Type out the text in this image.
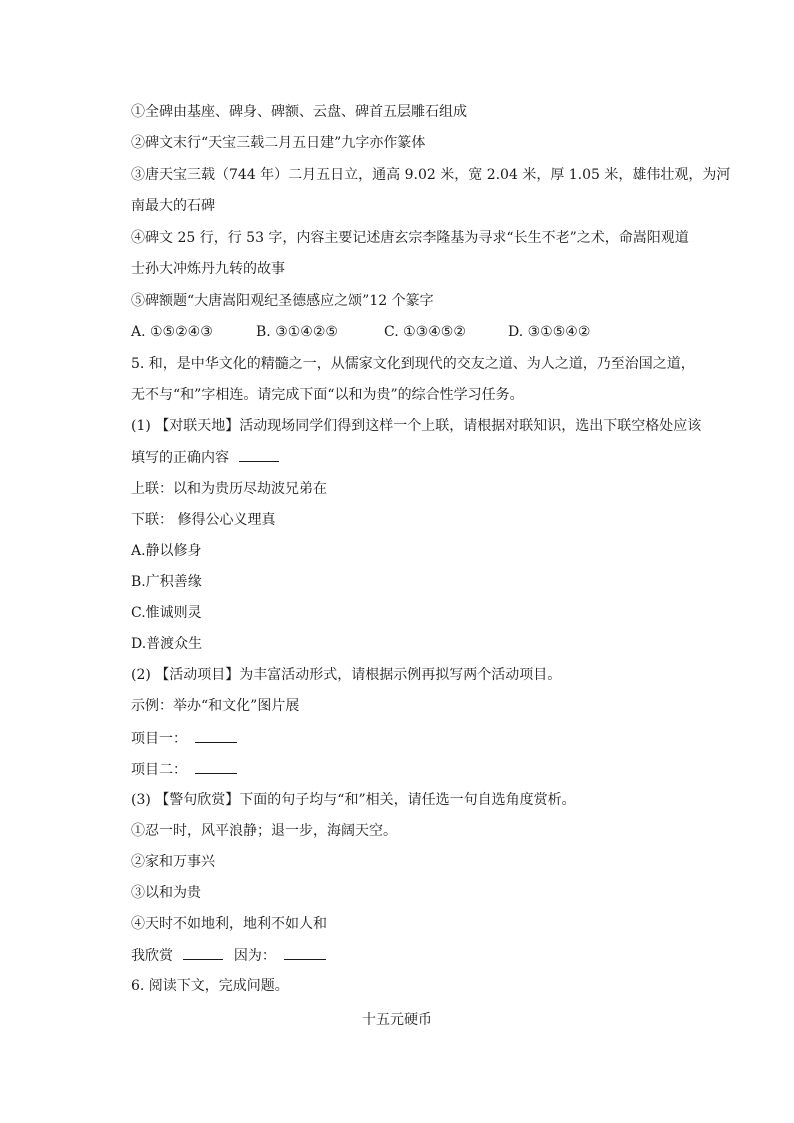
①全碑由基座、碑身、碑额、云盘、碑首五层雕石组成
②碑文末行“天宝三载二月五日建”九字亦作篆体
③唐天宝三载（744 年）二月五日立，通高 9.02 米，宽 2.04 米，厚 1.05 米，雄伟壮观，为河
南最大的石碑
④碑文 25 行，行 53 字，内容主要记述唐玄宗李隆基为寻求“长生不老”之术，命嵩阳观道
士孙大冲炼丹九转的故事
⑤碑额题“大唐嵩阳观纪圣德感应之颂”12 个篆字
A. ①⑤②④③	B. ③①④②⑤	C. ①③④⑤②	D. ③①⑤④②
5. 和，是中华文化的精髓之一，从儒家文化到现代的交友之道、为人之道，乃至治国之道，
无不与“和”字相连。请完成下面“以和为贵”的综合性学习任务。
(1) 【对联天地】活动现场同学们得到这样一个上联，请根据对联知识，选出下联空格处应该
填写的正确内容
上联：以和为贵历尽劫波兄弟在
下联： 修得公心义理真
A.静以修身
B.广积善缘
C.惟诚则灵
D.普渡众生
(2) 【活动项目】为丰富活动形式，请根据示例再拟写两个活动项目。
示例：举办“和文化”图片展
项目一：
项目二：
(3) 【警句欣赏】下面的句子均与“和”相关，请任选一句自选角度赏析。
①忍一时，风平浪静；退一步，海阔天空。
②家和万事兴
③以和为贵
④天时不如地利，地利不如人和
我欣赏	因为：
6. 阅读下文，完成问题。
十五元硬币
